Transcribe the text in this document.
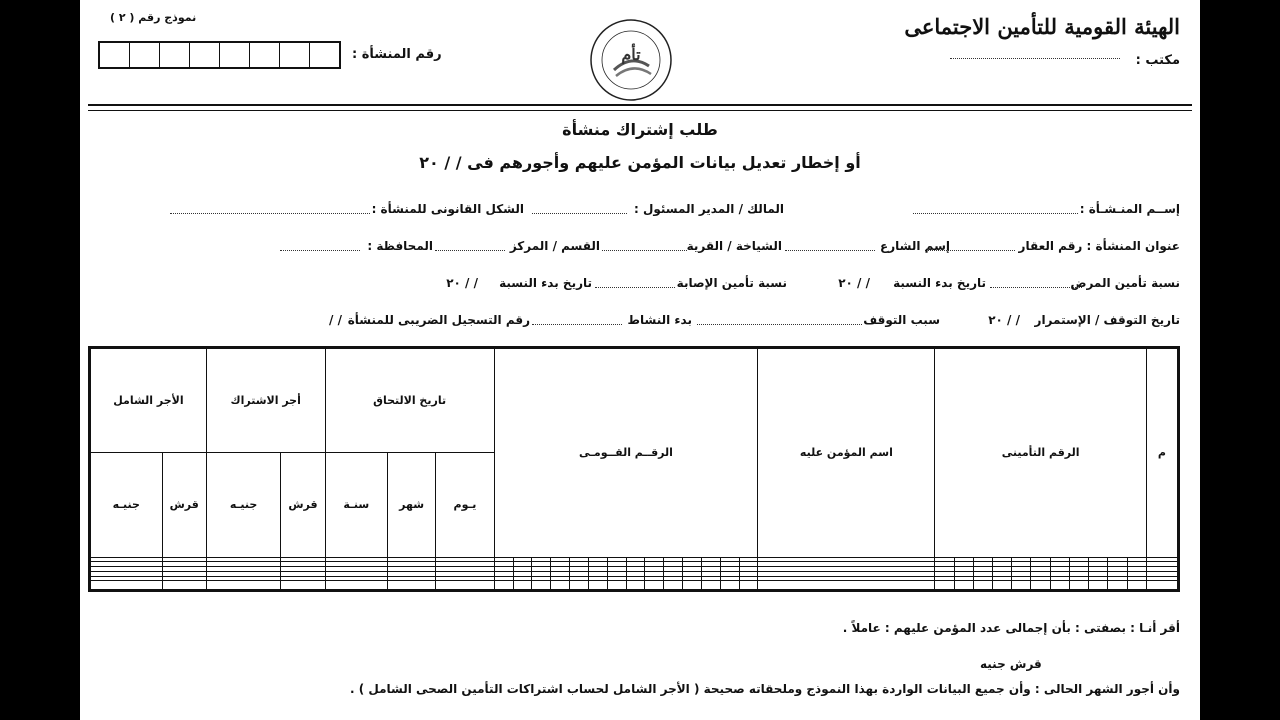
الهيئة القومية للتأمين الاجتماعى
مكتب :
نموذج رقم ( ٢ )
رقم المنشأة :	تأم
طلب إشتراك منشأة
أو إخطار تعديل بيانات المؤمن عليهم وأجورهم فى / / ٢٠
إســم المنـشـأة :
المالك / المدير المسئول :
الشكل القانونى للمنشأة :
عنوان المنشأة : رقم العقار
إسم الشارع
الشياخة / القرية
القسم / المركز
المحافظة :
نسبة تأمين المرض
تاريخ بدء النسبة
/ / ٢٠
نسبة تأمين الإصابة
تاريخ بدء النسبة
/ / ٢٠
تاريخ التوقف / الإستمرار
/ / ٢٠
سبب التوقف
بدء النشاط
رقم التسجيل الضريبى للمنشأة
/ /
م	الرقم التأمينى	اسم المؤمن عليه	الرقــم القــومـى	تاريخ الالتحاق			أجر الاشتراك		الأجر الشامل	
				يـوم	شهر	سنـة	قرش	جنيـه	قرش	جنيـه

أقر أنـا : بصفتى : بأن إجمالى عدد المؤمن عليهم : عاملاً .
قرش جنيه
وأن أجور الشهر الحالى : وأن جميع البيانات الواردة بهذا النموذج وملحقاته صحيحة ( الأجر الشامل لحساب اشتراكات التأمين الصحى الشامل ) .
